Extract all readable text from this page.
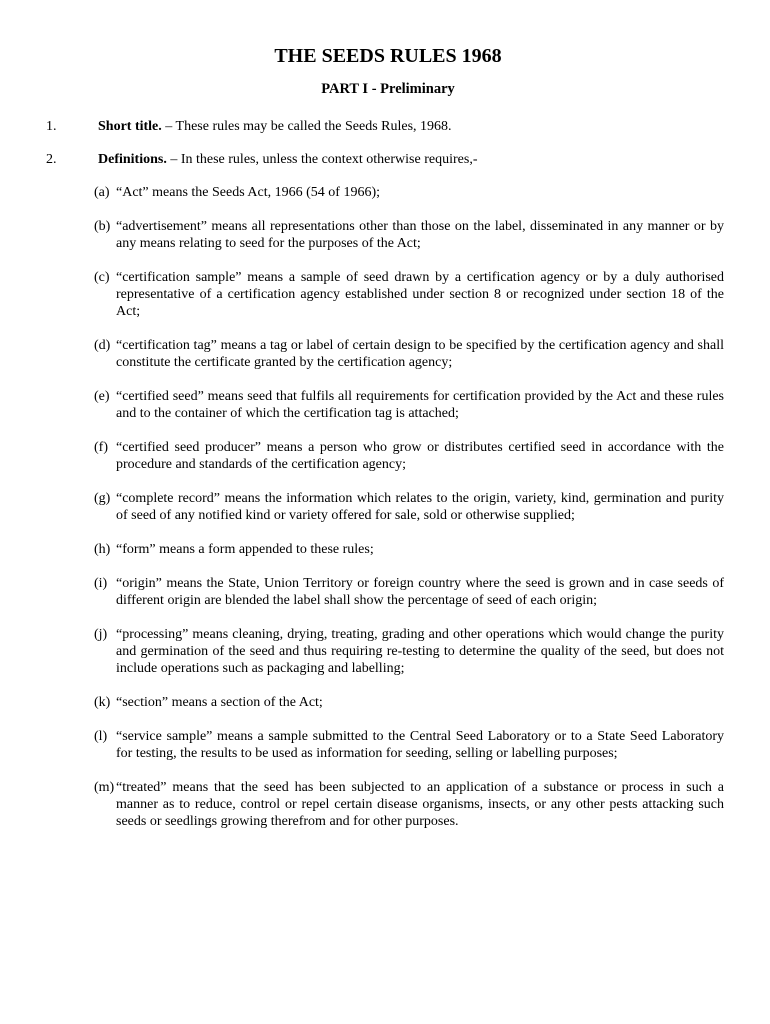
THE SEEDS RULES 1968
PART I - Preliminary
1.	Short title. – These rules may be called the Seeds Rules, 1968.
2.	Definitions. – In these rules, unless the context otherwise requires,-
(a) “Act” means the Seeds Act, 1966 (54 of 1966);
(b) “advertisement” means all representations other than those on the label, disseminated in any manner or by any means relating to seed for the purposes of the Act;
(c) “certification sample” means a sample of seed drawn by a certification agency or by a duly authorised representative of a certification agency established under section 8 or recognized under section 18 of the Act;
(d) “certification tag” means a tag or label of certain design to be specified by the certification agency and shall constitute the certificate granted by the certification agency;
(e) “certified seed” means seed that fulfils all requirements for certification provided by the Act and these rules and to the container of which the certification tag is attached;
(f) “certified seed producer” means a person who grow or distributes certified seed in accordance with the procedure and standards of the certification agency;
(g) “complete record” means the information which relates to the origin, variety, kind, germination and purity of seed of any notified kind or variety offered for sale, sold or otherwise supplied;
(h) “form” means a form appended to these rules;
(i) “origin” means the State, Union Territory or foreign country where the seed is grown and in case seeds of different origin are blended the label shall show the percentage of seed of each origin;
(j) “processing” means cleaning, drying, treating, grading and other operations which would change the purity and germination of the seed and thus requiring re-testing to determine the quality of the seed, but does not include operations such as packaging and labelling;
(k) “section” means a section of the Act;
(l) “service sample” means a sample submitted to the Central Seed Laboratory or to a State Seed Laboratory for testing, the results to be used as information for seeding, selling or labelling purposes;
(m) “treated” means that the seed has been subjected to an application of a substance or process in such a manner as to reduce, control or repel certain disease organisms, insects, or any other pests attacking such seeds or seedlings growing therefrom and for other purposes.
